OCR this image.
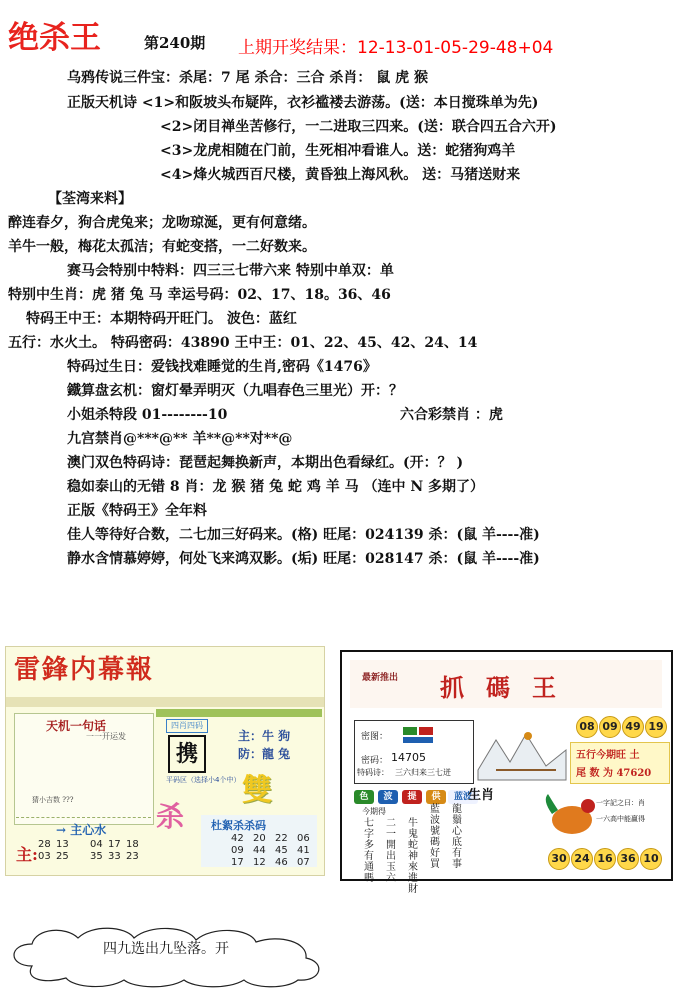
绝杀王	第240期 上期开奖结果：12-13-01-05-29-48+04
乌鸦传说三件宝：杀尾：7 尾 杀合：三合 杀肖： 鼠 虎 猴
正版天机诗 <1>和阪坡头布疑阵，衣衫褴褛去游荡。(送：本日搅珠单为先)
<2>闭目禅坐苦修行，一二进取三四来。(送：联合四五合六开)
<3>龙虎相随在门前，生死相冲看谁人。送：蛇猪狗鸡羊
<4>烽火城西百尺楼，黄昏独上海风秋。 送：马猪送财来
【荃湾来料】
醉连春夕，狗合虎兔来；龙吻琼涎，更有何意绪。
羊牛一般，梅花太孤洁；有蛇变搭，一二好数来。
赛马会特别中特料：四三三七带六来 特别中单双：单
特别中生肖：虎 猪 兔 马 幸运号码：02、17、18。36、46
特码王中王：本期特码开旺门。 波色：蓝红
五行：水火土。 特码密码：43890 王中王：01、22、45、42、24、14
特码过生日：爱钱找难睡觉的生肖,密码《1476》
鐵算盘玄机：窗灯晕弄明灭（九唱春色三里光）开：？
小姐杀特段 01--------10	六合彩禁肖 ：虎
九宫禁肖@***@** 羊**@**对**@
澳门双色特码诗：琵琶起舞换新声，本期出色看绿红。(开：？ )
稳如泰山的无错 8 肖：龙 猴 猪 兔 蛇 鸡 羊 马 （连中 N 多期了）
正版《特码王》全年料
佳人等待好合数，二七加三好码来。(格) 旺尾：024139 杀：(鼠 羊----准)
静水含情慕婷婷，何处飞来鸿双影。(垢) 旺尾：028147 杀：(鼠 羊----准)
雷鋒内幕報
天机一句话
一一开运发
猜小吉数 ???
→ 主心水
主:
28 13 04 17 18
03 25 35 33 23
四肖四码
携
主：牛 狗
防：龍 兔
平码区（选择小4个中） 雙
杀 杜絮杀杀码
42 20 22 06
09 44 45 41
17 12 46 07
最新推出 抓碼王
密图：
密码： 14705
特码诗： 三六归来三七迸
08 09 49 19
五行今期旺 土
尾 数 为 47620
色	波	提	供	蓝波
今期得
七字多有通嗎
二一開出玉六
牛鬼蛇神來進財
藍波號碼好買
龍鬚心底有事
生肖	一字記之曰：肖
一六高中能赢得
30 24 16 36 10
四九选出九坠落。开
